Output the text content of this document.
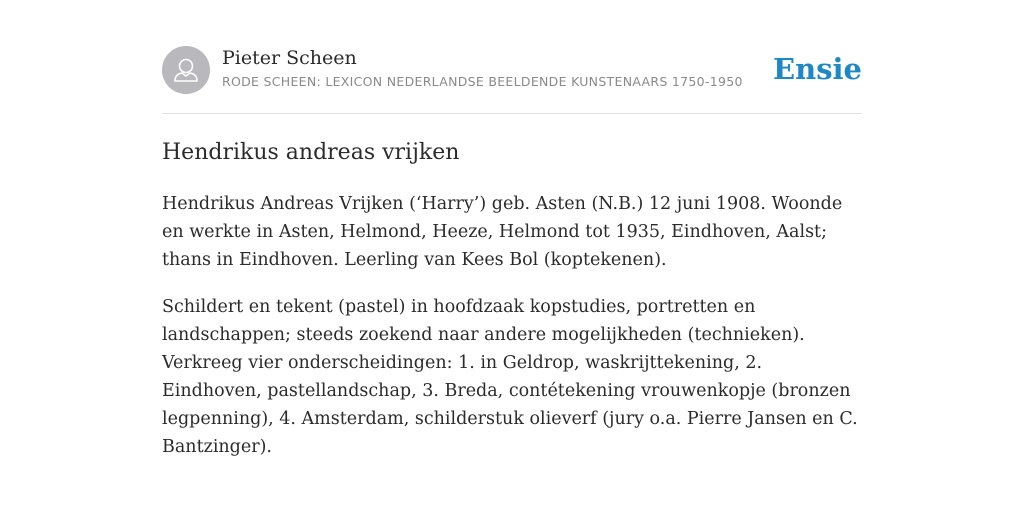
Pieter Scheen
RODE SCHEEN: LEXICON NEDERLANDSE BEELDENDE KUNSTENAARS 1750-1950 Ensie
Hendrikus andreas vrijken

Hendrikus Andreas Vrijken (‘Harry’) geb. Asten (N.B.) 12 juni 1908. Woonde en werkte in Asten, Helmond, Heeze, Helmond tot 1935, Eindhoven, Aalst; thans in Eindhoven. Leerling van Kees Bol (koptekenen).

Schildert en tekent (pastel) in hoofdzaak kopstudies, portretten en landschappen; steeds zoekend naar andere mogelijkheden (technieken). Verkreeg vier onderscheidingen: 1. in Geldrop, waskrijttekening, 2. Eindhoven, pastellandschap, 3. Breda, contétekening vrouwenkopje (bronzen legpenning), 4. Amsterdam, schilderstuk olieverf (jury o.a. Pierre Jansen en C. Bantzinger).
